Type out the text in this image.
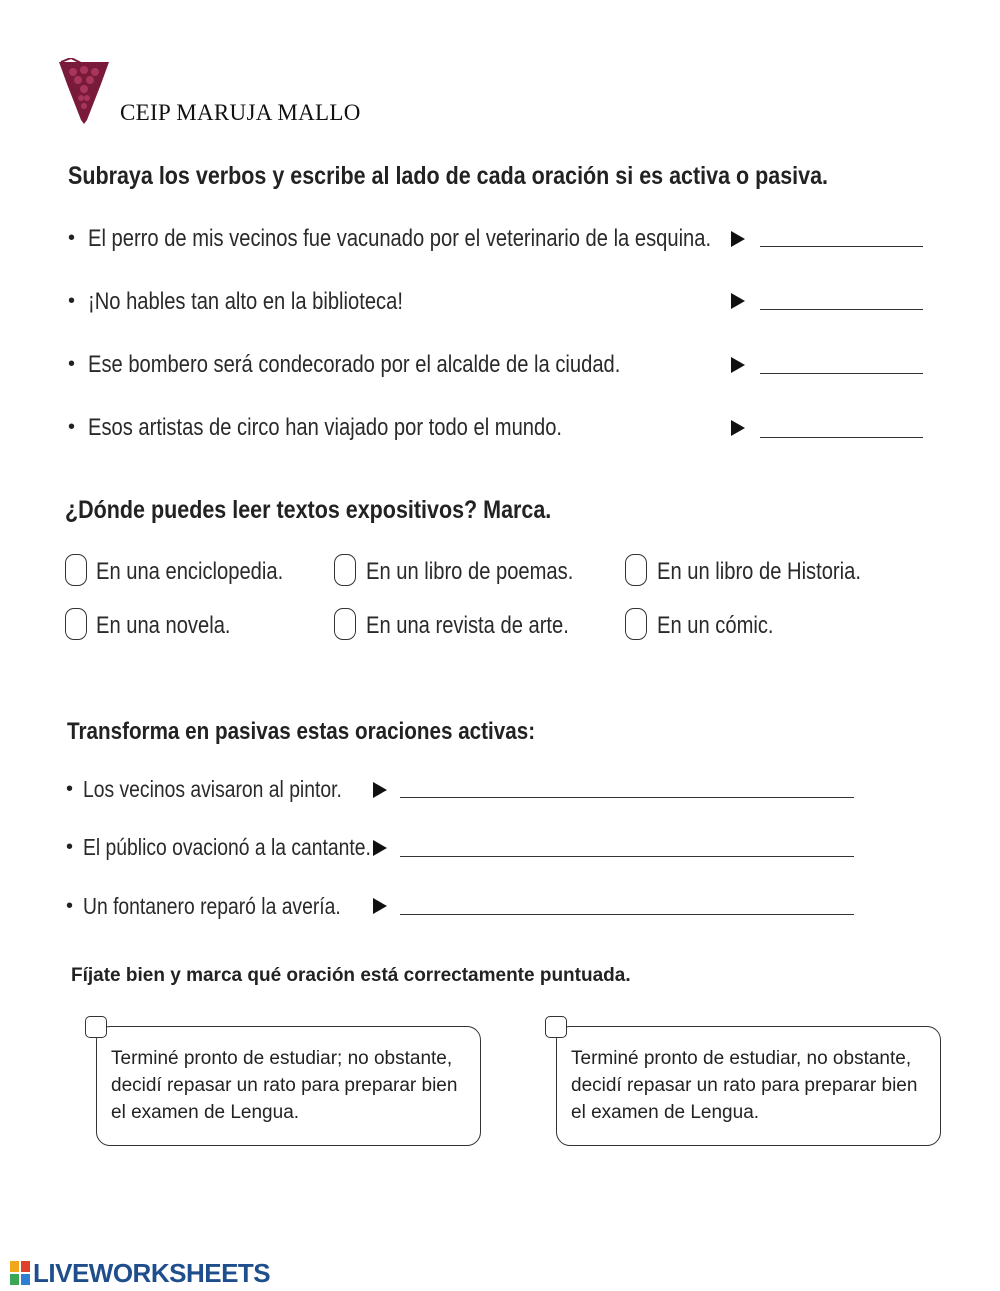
CEIP MARUJA MALLO
Subraya los verbos y escribe al lado de cada oración si es activa o pasiva.
• El perro de mis vecinos fue vacunado por el veterinario de la esquina.
• ¡No hables tan alto en la biblioteca!
• Ese bombero será condecorado por el alcalde de la ciudad.
• Esos artistas de circo han viajado por todo el mundo.
¿Dónde puedes leer textos expositivos? Marca.
En una enciclopedia.	En un libro de poemas.	En un libro de Historia.
En una novela.	En una revista de arte.	En un cómic.
Transforma en pasivas estas oraciones activas:
• Los vecinos avisaron al pintor.
• El público ovacionó a la cantante.
• Un fontanero reparó la avería.
Fíjate bien y marca qué oración está correctamente puntuada.
Terminé pronto de estudiar; no obstante, decidí repasar un rato para preparar bien el examen de Lengua.
Terminé pronto de estudiar, no obstante, decidí repasar un rato para preparar bien el examen de Lengua.
LIVEWORKSHEETS
